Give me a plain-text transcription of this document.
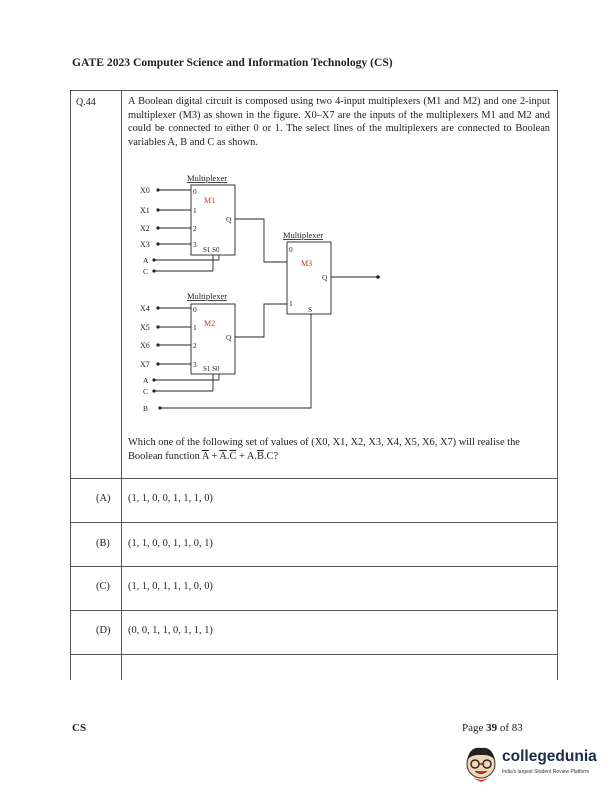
GATE 2023 Computer Science and Information Technology (CS)
Q.44	A Boolean digital circuit is composed using two 4-input multiplexers (M1 and M2) and one 2-input multiplexer (M3) as shown in the figure. X0–X7 are the inputs of the multiplexers M1 and M2 and could be connected to either 0 or 1. The select lines of the multiplexers are connected to Boolean variables A, B and C as shown.
Multiplexer
Multiplexer
Multiplexer
M1
M2
M3
X0
X1
X2
X3
0
1
2
3
S1 S0
Q
A
C
X4
X5
X6
X7
0
1
2
3 S1 S0
Q
A
C
B
0
1
S
Q
Which one of the following set of values of (X0, X1, X2, X3, X4, X5, X6, X7) will realise the Boolean function $\overline{A} + \overline{A}.\overline{C} + A.\overline{B}.C$?
(A) (1, 1, 0, 0, 1, 1, 1, 0)
(B) (1, 1, 0, 0, 1, 1, 0, 1)
(C) (1, 1, 0, 1, 1, 1, 0, 0)
(D) (0, 0, 1, 1, 0, 1, 1, 1)
CS	Page 39 of 83
collegedunia
India's largest Student Review Platform
